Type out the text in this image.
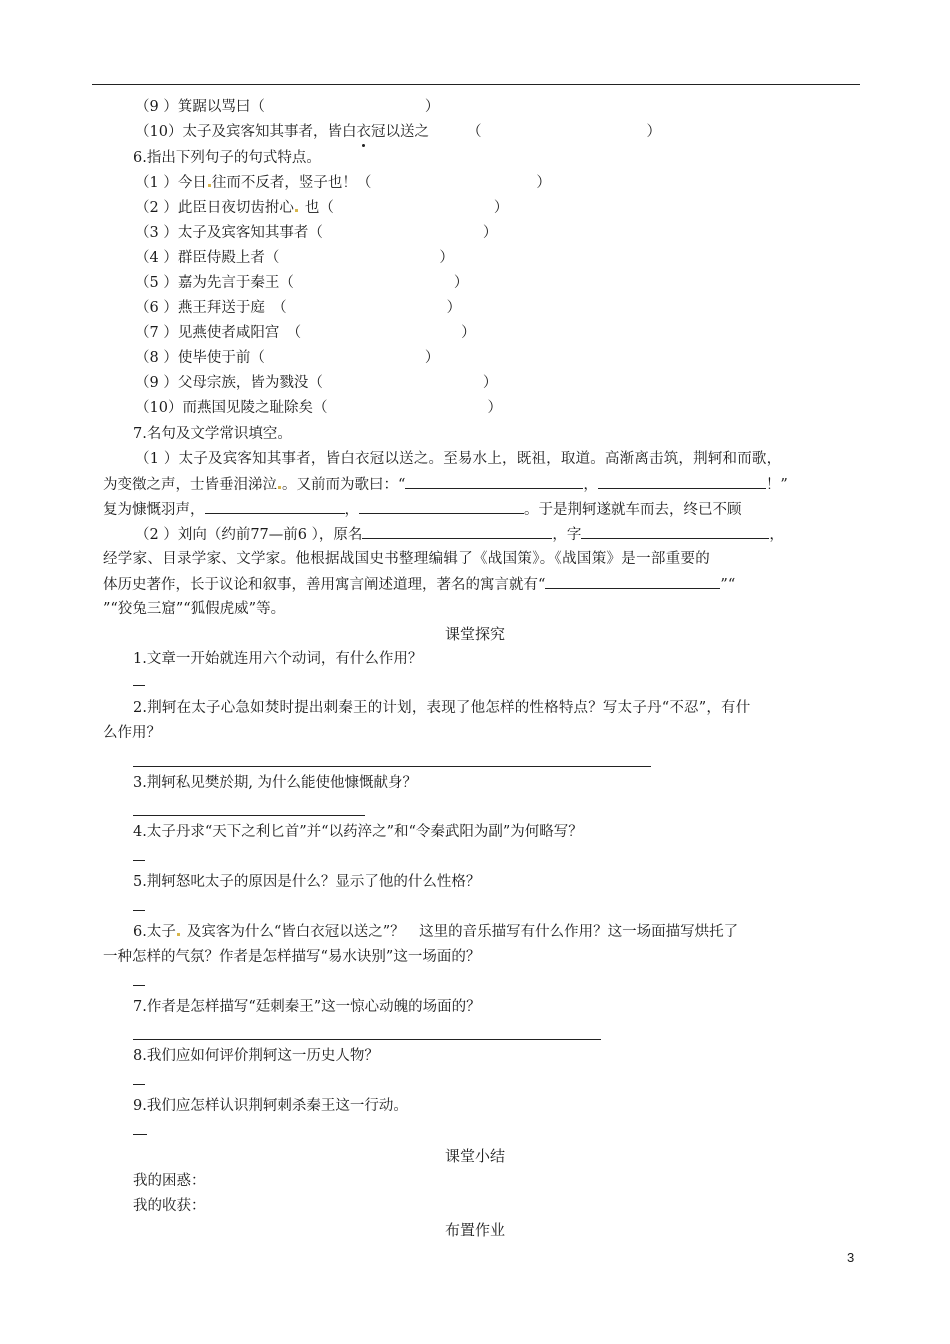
（9 ）箕踞以骂曰（	）
（10）太子及宾客知其事者，皆白衣冠以送之	（	）
6.指出下列句子的句式特点。
（1 ）今日 往而不反者，竖子也！（	）
（2 ）此臣日夜切齿拊心 也（	）
（3 ）太子及宾客知其事者（	）
（4 ）群臣侍殿上者（	）
（5 ）嘉为先言于秦王（	）
（6 ）燕王拜送于庭　（	）
（7 ）见燕使者咸阳宫　（	）
（8 ）使毕使于前（	）
（9 ）父母宗族，皆为戮没（	）
（10）而燕国见陵之耻除矣（	）
7.名句及文学常识填空。
（1 ）太子及宾客知其事者，皆白衣冠以送之。至易水上，既祖，取道。高渐离击筑，荆轲和而歌，
为变徵之声，士皆垂泪涕泣 。又前而为歌曰：“	，	！”
复为慷慨羽声，	，	。于是荆轲遂就车而去，终已不顾
（2 ）刘向（约前77—前6 ），原名	，字	，
经学家、目录学家、文学家。他根据战国史书整理编辑了《战国策》。《战国策》是一部重要的
体历史著作，长于议论和叙事，善用寓言阐述道理，著名的寓言就有“	”“
”“狡兔三窟”“狐假虎威”等。
课堂探究
1.文章一开始就连用六个动词，有什么作用？
2.荆轲在太子心急如焚时提出刺秦王的计划，表现了他怎样的性格特点？写太子丹“不忍”，有什
么作用？
3.荆轲私见樊於期, 为什么能使他慷慨献身？
4.太子丹求“天下之利匕首”并“以药淬之”和“令秦武阳为副”为何略写？
5.荆轲怒叱太子的原因是什么？显示了他的什么性格？
6.太子 及宾客为什么“皆白衣冠以送之”？　这里的音乐描写有什么作用？这一场面描写烘托了
一种怎样的气氛？作者是怎样描写“易水诀别”这一场面的？
7.作者是怎样描写“廷刺秦王”这一惊心动魄的场面的？
8.我们应如何评价荆轲这一历史人物？
9.我们应怎样认识荆轲刺杀秦王这一行动。
课堂小结
我的困惑：
我的收获：
布置作业
3
